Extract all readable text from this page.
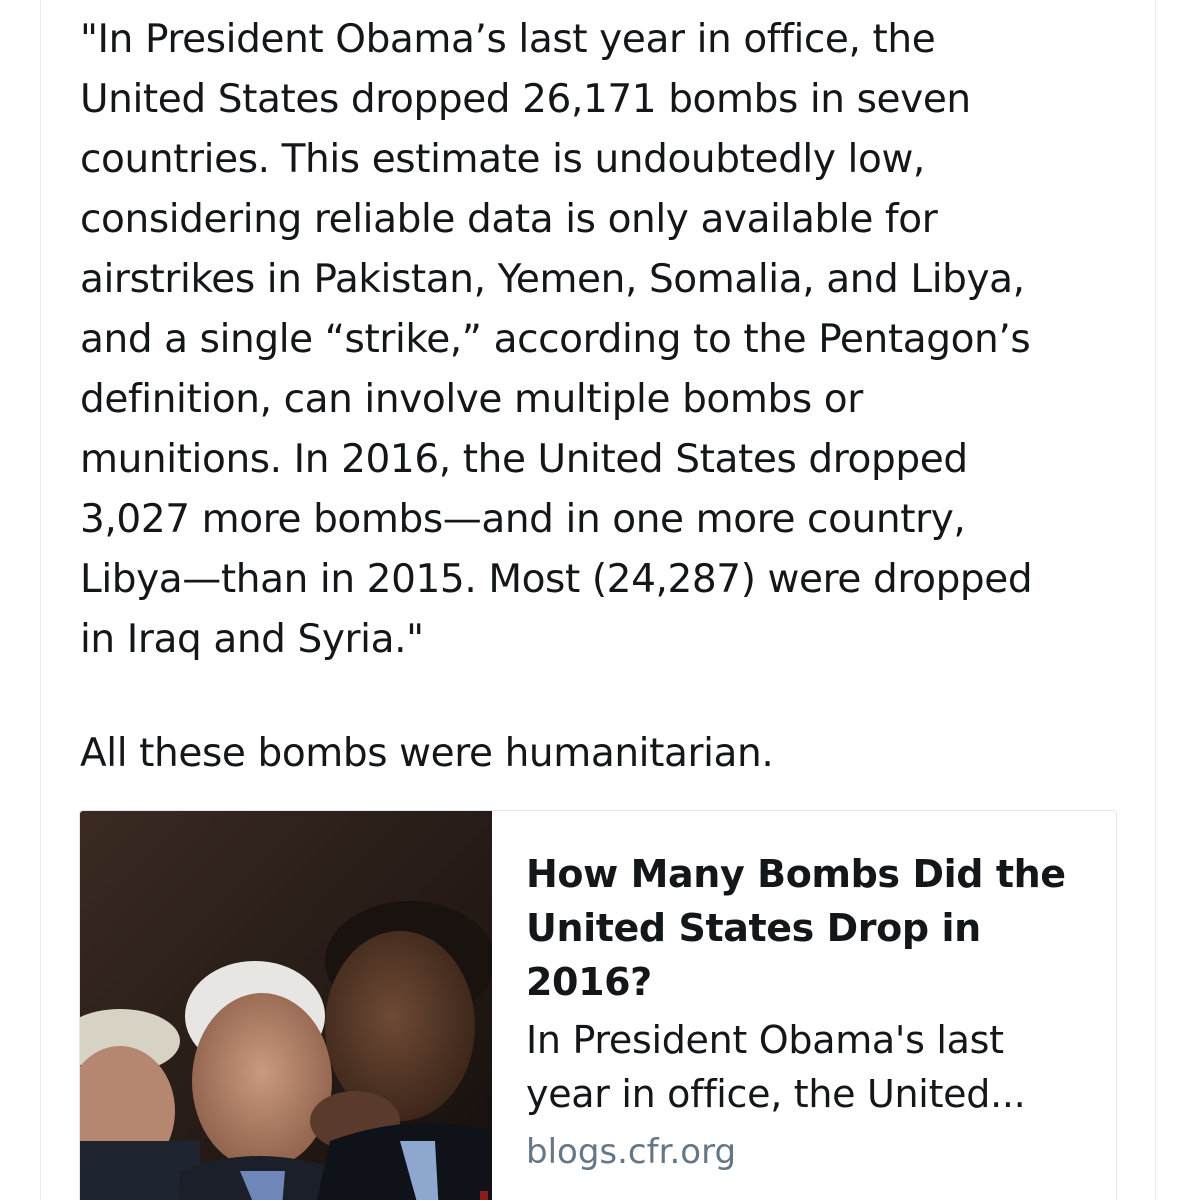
"In President Obama’s last year in office, the
United States dropped 26,171 bombs in seven
countries. This estimate is undoubtedly low,
considering reliable data is only available for
airstrikes in Pakistan, Yemen, Somalia, and Libya,
and a single “strike,” according to the Pentagon’s
definition, can involve multiple bombs or
munitions. In 2016, the United States dropped
3,027 more bombs—and in one more country,
Libya—than in 2015. Most (24,287) were dropped
in Iraq and Syria."

All these bombs were humanitarian.

How Many Bombs Did the United States Drop in 2016?

In President Obama's last year in office, the United...

blogs.cfr.org
